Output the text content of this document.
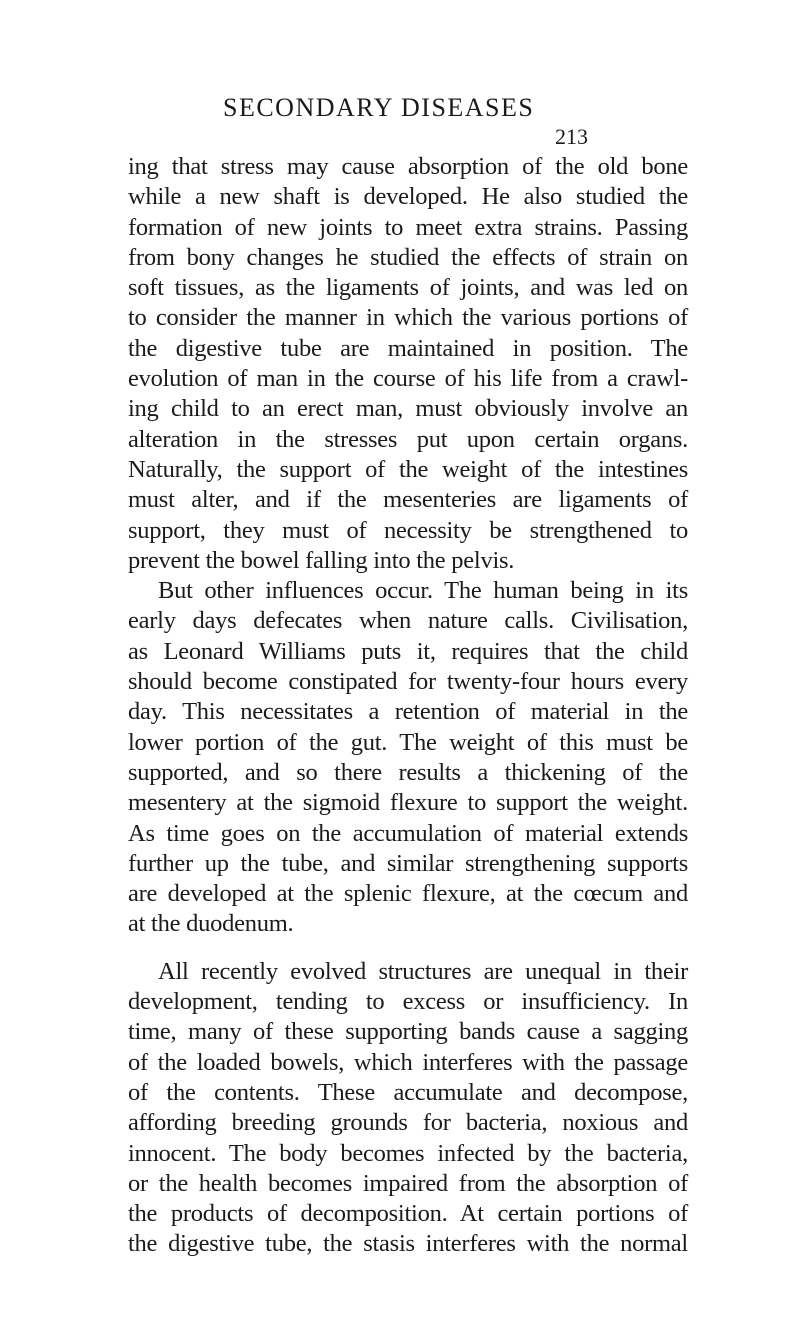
SECONDARY DISEASES
213
ing that stress may cause absorption of the old bone
while a new shaft is developed. He also studied the
formation of new joints to meet extra strains. Passing
from bony changes he studied the effects of strain on
soft tissues, as the ligaments of joints, and was led on
to consider the manner in which the various portions of
the digestive tube are maintained in position. The
evolution of man in the course of his life from a crawl-
ing child to an erect man, must obviously involve an
alteration in the stresses put upon certain organs.
Naturally, the support of the weight of the intestines
must alter, and if the mesenteries are ligaments of
support, they must of necessity be strengthened to
prevent the bowel falling into the pelvis.
But other influences occur. The human being in its
early days defecates when nature calls. Civilisation,
as Leonard Williams puts it, requires that the child
should become constipated for twenty-four hours every
day. This necessitates a retention of material in the
lower portion of the gut. The weight of this must be
supported, and so there results a thickening of the
mesentery at the sigmoid flexure to support the weight.
As time goes on the accumulation of material extends
further up the tube, and similar strengthening supports
are developed at the splenic flexure, at the cœcum and
at the duodenum.
All recently evolved structures are unequal in their
development, tending to excess or insufficiency. In
time, many of these supporting bands cause a sagging
of the loaded bowels, which interferes with the passage
of the contents. These accumulate and decompose,
affording breeding grounds for bacteria, noxious and
innocent. The body becomes infected by the bacteria,
or the health becomes impaired from the absorption of
the products of decomposition. At certain portions of
the digestive tube, the stasis interferes with the normal
